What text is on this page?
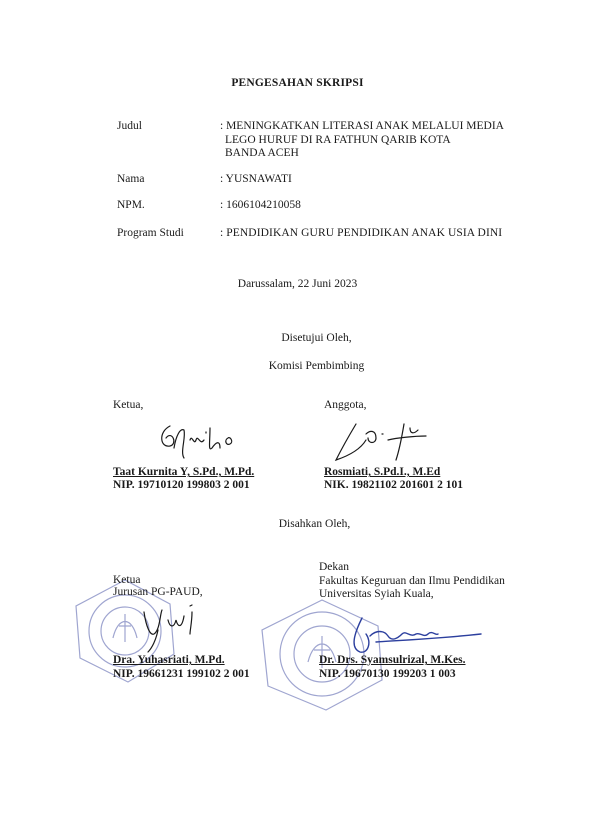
PENGESAHAN SKRIPSI
Judul	: MENINGKATKAN LITERASI ANAK MELALUI MEDIA
LEGO HURUF DI RA FATHUN QARIB KOTA
BANDA ACEH
Nama	: YUSNAWATI
NPM.	: 1606104210058
Program Studi	: PENDIDIKAN GURU PENDIDIKAN ANAK USIA DINI
Darussalam, 22 Juni 2023
Disetujui Oleh,
Komisi Pembimbing
Ketua,	Anggota,
Taat Kurnita Y, S.Pd., M.Pd.
NIP. 19710120 199803 2 001
Rosmiati, S.Pd.I., M.Ed
NIK. 19821102 201601 2 101
Disahkan Oleh,
Ketua
Jurusan PG-PAUD,
Dra. Yuhasriati, M.Pd.
NIP. 19661231 199102 2 001
Dekan
Fakultas Keguruan dan Ilmu Pendidikan
Universitas Syiah Kuala,
Dr. Drs. Syamsulrizal, M.Kes.
NIP. 19670130 199203 1 003
